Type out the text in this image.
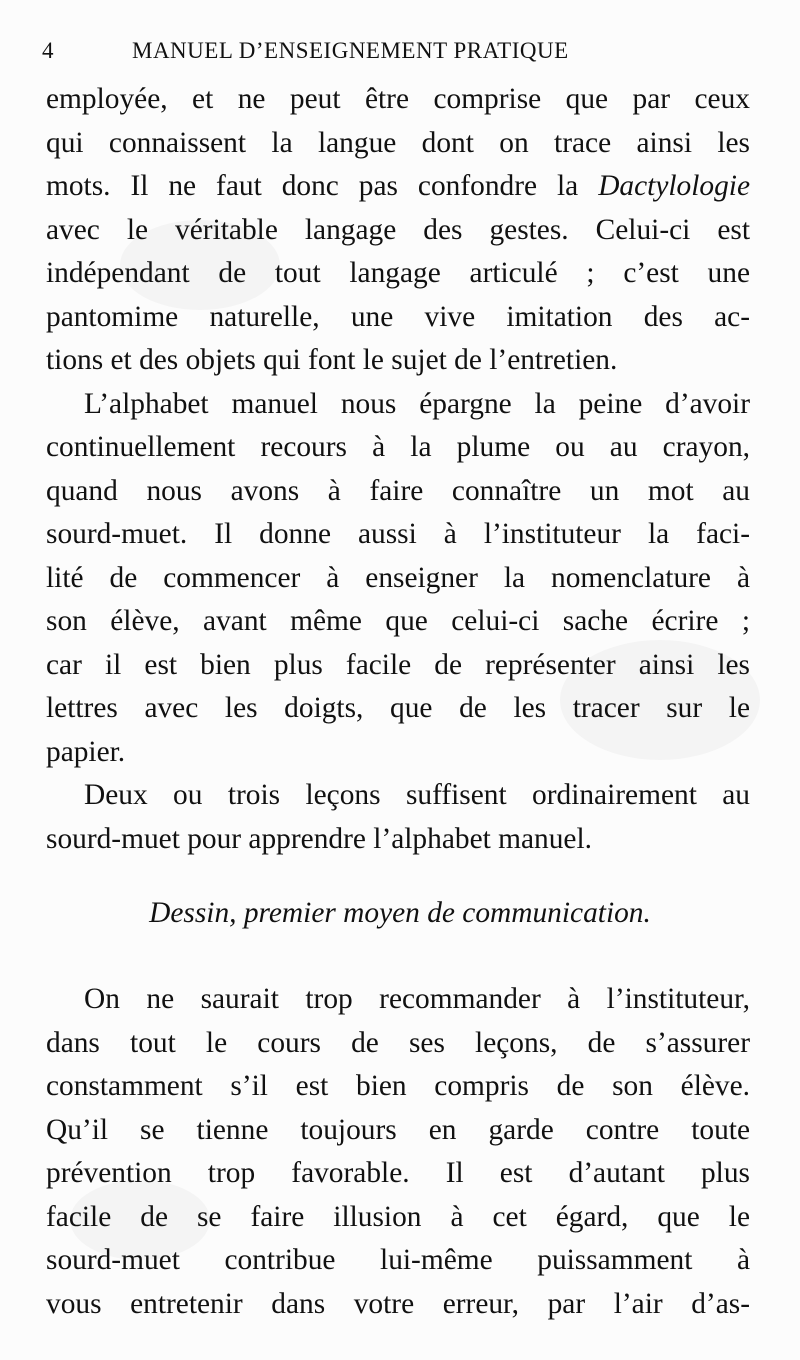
4	MANUEL D’ENSEIGNEMENT PRATIQUE
employée, et ne peut être comprise que par ceux
qui connaissent la langue dont on trace ainsi les
mots. Il ne faut donc pas confondre la Dactylologie
avec le véritable langage des gestes. Celui-ci est
indépendant de tout langage articulé ; c’est une
pantomime naturelle, une vive imitation des ac-
tions et des objets qui font le sujet de l’entretien.
L’alphabet manuel nous épargne la peine d’avoir
continuellement recours à la plume ou au crayon,
quand nous avons à faire connaître un mot au
sourd-muet. Il donne aussi à l’instituteur la faci-
lité de commencer à enseigner la nomenclature à
son élève, avant même que celui-ci sache écrire ;
car il est bien plus facile de représenter ainsi les
lettres avec les doigts, que de les tracer sur le
papier.
Deux ou trois leçons suffisent ordinairement au
sourd-muet pour apprendre l’alphabet manuel.
Dessin, premier moyen de communication.
On ne saurait trop recommander à l’instituteur,
dans tout le cours de ses leçons, de s’assurer
constamment s’il est bien compris de son élève.
Qu’il se tienne toujours en garde contre toute
prévention trop favorable. Il est d’autant plus
facile de se faire illusion à cet égard, que le
sourd-muet contribue lui-même puissamment à
vous entretenir dans votre erreur, par l’air d’as-
